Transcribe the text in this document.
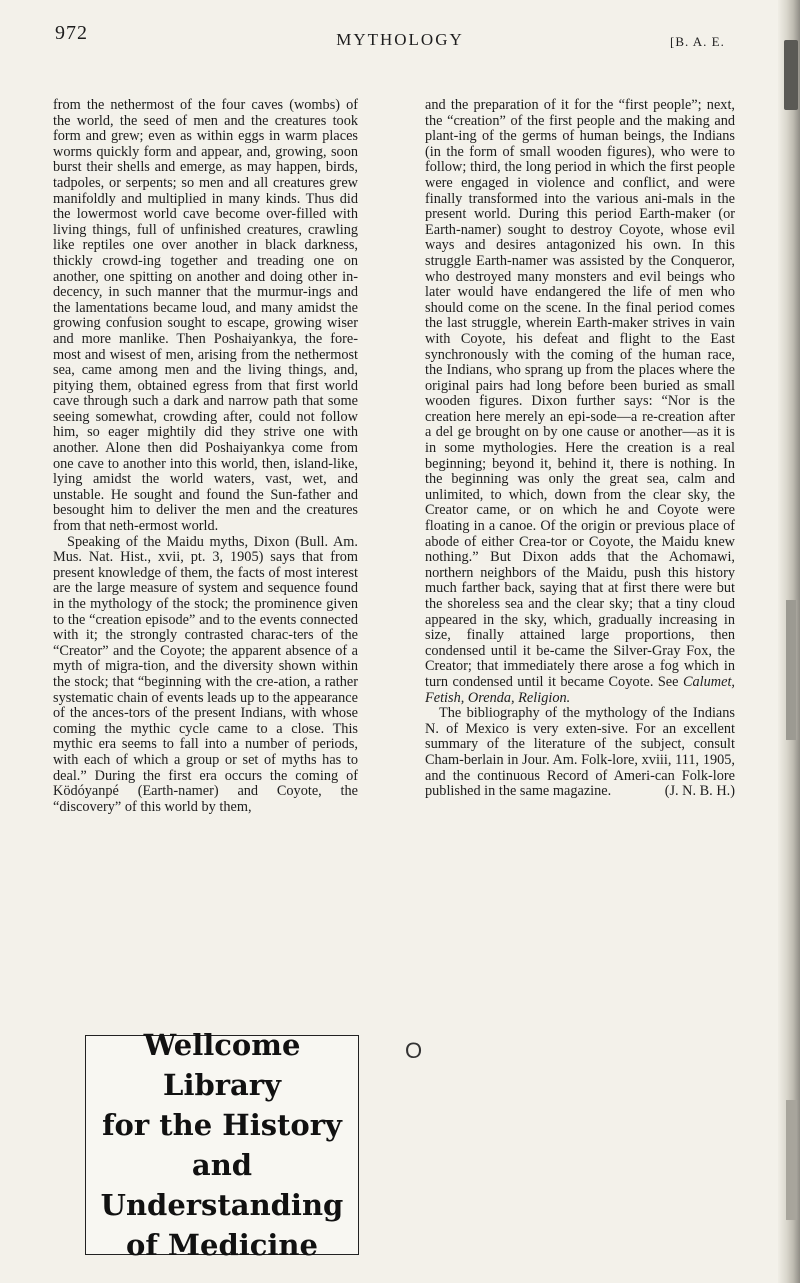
972	MYTHOLOGY	[B. A. E.

from the nethermost of the four caves (wombs) of the world, the seed of men and the creatures took form and grew; even as within eggs in warm places worms quickly form and appear, and, growing, soon burst their shells and emerge, as may happen, birds, tadpoles, or serpents; so men and all creatures grew manifoldly and multiplied in many kinds. Thus did the lowermost world cave become over-filled with living things, full of unfinished creatures, crawling like reptiles one over another in black darkness, thickly crowd-ing together and treading one on another, one spitting on another and doing other in-decency, in such manner that the murmur-ings and the lamentations became loud, and many amidst the growing confusion sought to escape, growing wiser and more manlike. Then Poshaiyankya, the fore-most and wisest of men, arising from the nethermost sea, came among men and the living things, and, pitying them, obtained egress from that first world cave through such a dark and narrow path that some seeing somewhat, crowding after, could not follow him, so eager mightily did they strive one with another. Alone then did Poshaiyankya come from one cave to another into this world, then, island-like, lying amidst the world waters, vast, wet, and unstable. He sought and found the Sun-father and besought him to deliver the men and the creatures from that neth-ermost world.

Speaking of the Maidu myths, Dixon (Bull. Am. Mus. Nat. Hist., xvii, pt. 3, 1905) says that from present knowledge of them, the facts of most interest are the large measure of system and sequence found in the mythology of the stock; the prominence given to the “creation episode” and to the events connected with it; the strongly contrasted charac-ters of the “Creator” and the Coyote; the apparent absence of a myth of migra-tion, and the diversity shown within the stock; that “beginning with the cre-ation, a rather systematic chain of events leads up to the appearance of the ances-tors of the present Indians, with whose coming the mythic cycle came to a close. This mythic era seems to fall into a number of periods, with each of which a group or set of myths has to deal.” During the first era occurs the coming of Ködóyanpé (Earth-namer) and Coyote, the “discovery” of this world by them,

and the preparation of it for the “first people”; next, the “creation” of the first people and the making and plant-ing of the germs of human beings, the Indians (in the form of small wooden figures), who were to follow; third, the long period in which the first people were engaged in violence and conflict, and were finally transformed into the various ani-mals in the present world. During this period Earth-maker (or Earth-namer) sought to destroy Coyote, whose evil ways and desires antagonized his own. In this struggle Earth-namer was assisted by the Conqueror, who destroyed many monsters and evil beings who later would have endangered the life of men who should come on the scene. In the final period comes the last struggle, wherein Earth-maker strives in vain with Coyote, his defeat and flight to the East synchronously with the coming of the human race, the Indians, who sprang up from the places where the original pairs had long before been buried as small wooden figures. Dixon further says: “Nor is the creation here merely an epi-sode—a re-creation after a del ge brought on by one cause or another—as it is in some mythologies. Here the creation is a real beginning; beyond it, behind it, there is nothing. In the beginning was only the great sea, calm and unlimited, to which, down from the clear sky, the Creator came, or on which he and Coyote were floating in a canoe. Of the origin or previous place of abode of either Crea-tor or Coyote, the Maidu knew nothing.” But Dixon adds that the Achomawi, northern neighbors of the Maidu, push this history much farther back, saying that at first there were but the shoreless sea and the clear sky; that a tiny cloud appeared in the sky, which, gradually increasing in size, finally attained large proportions, then condensed until it be-came the Silver-Gray Fox, the Creator; that immediately there arose a fog which in turn condensed until it became Coyote. See Calumet, Fetish, Orenda, Religion.

The bibliography of the mythology of the Indians N. of Mexico is very exten-sive. For an excellent summary of the literature of the subject, consult Cham-berlain in Jour. Am. Folk-lore, xviii, 111, 1905, and the continuous Record of Ameri-can Folk-lore published in the same magazine.	(J. N. B. H.)

Wellcome Library
for the History
and Understanding
of Medicine
O
